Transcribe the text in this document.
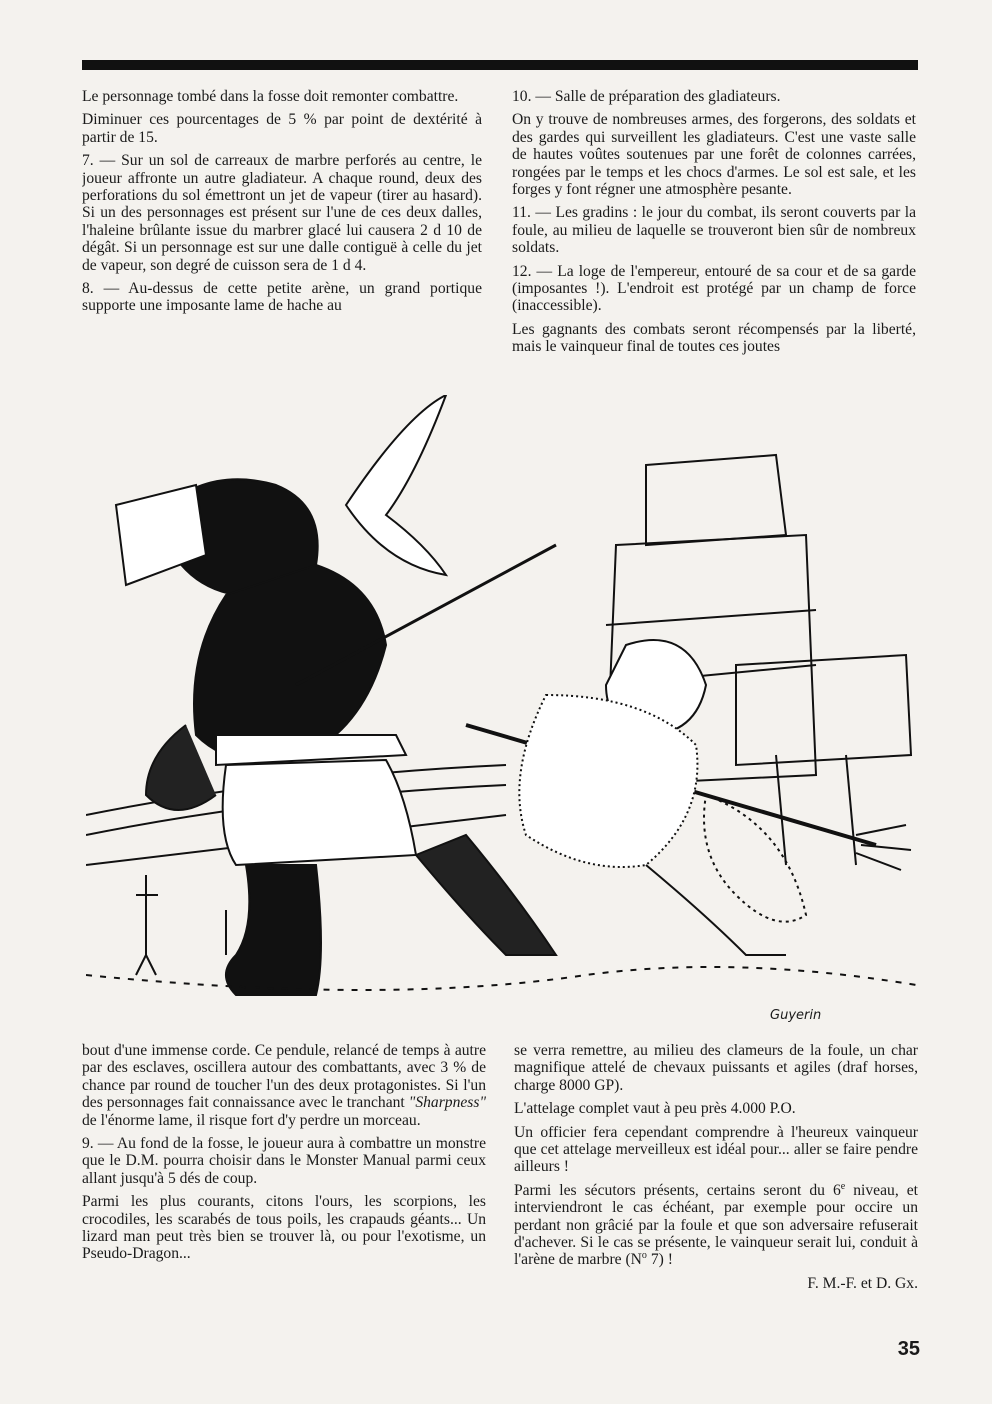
Le personnage tombé dans la fosse doit remonter combattre.

Diminuer ces pourcentages de 5 % par point de dextérité à partir de 15.

7. — Sur un sol de carreaux de marbre perforés au centre, le joueur affronte un autre gladiateur. A chaque round, deux des perforations du sol émettront un jet de vapeur (tirer au hasard). Si un des personnages est présent sur l'une de ces deux dalles, l'haleine brûlante issue du marbrer glacé lui causera 2 d 10 de dégât. Si un personnage est sur une dalle contiguë à celle du jet de vapeur, son degré de cuisson sera de 1 d 4.

8. — Au-dessus de cette petite arène, un grand portique supporte une imposante lame de hache au

10. — Salle de préparation des gladiateurs.

On y trouve de nombreuses armes, des forgerons, des soldats et des gardes qui surveillent les gladiateurs. C'est une vaste salle de hautes voûtes soutenues par une forêt de colonnes carrées, rongées par le temps et les chocs d'armes. Le sol est sale, et les forges y font régner une atmosphère pesante.

11. — Les gradins : le jour du combat, ils seront couverts par la foule, au milieu de laquelle se trouveront bien sûr de nombreux soldats.

12. — La loge de l'empereur, entouré de sa cour et de sa garde (imposantes !). L'endroit est protégé par un champ de force (inaccessible).

Les gagnants des combats seront récompensés par la liberté, mais le vainqueur final de toutes ces joutes

Guyerin

bout d'une immense corde. Ce pendule, relancé de temps à autre par des esclaves, oscillera autour des combattants, avec 3 % de chance par round de toucher l'un des deux protagonistes. Si l'un des personnages fait connaissance avec le tranchant "Sharpness" de l'énorme lame, il risque fort d'y perdre un morceau.

9. — Au fond de la fosse, le joueur aura à combattre un monstre que le D.M. pourra choisir dans le Monster Manual parmi ceux allant jusqu'à 5 dés de coup.

Parmi les plus courants, citons l'ours, les scorpions, les crocodiles, les scarabés de tous poils, les crapauds géants... Un lizard man peut très bien se trouver là, ou pour l'exotisme, un Pseudo-Dragon...

se verra remettre, au milieu des clameurs de la foule, un char magnifique attelé de chevaux puissants et agiles (draf horses, charge 8000 GP).

L'attelage complet vaut à peu près 4.000 P.O.

Un officier fera cependant comprendre à l'heureux vainqueur que cet attelage merveilleux est idéal pour... aller se faire pendre ailleurs !

Parmi les sécutors présents, certains seront du 6e niveau, et interviendront le cas échéant, par exemple pour occire un perdant non grâcié par la foule et que son adversaire refuserait d'achever. Si le cas se présente, le vainqueur serait lui, conduit à l'arène de marbre ($N^o$ 7) !

F. M.-F. et D. Gx.

35
